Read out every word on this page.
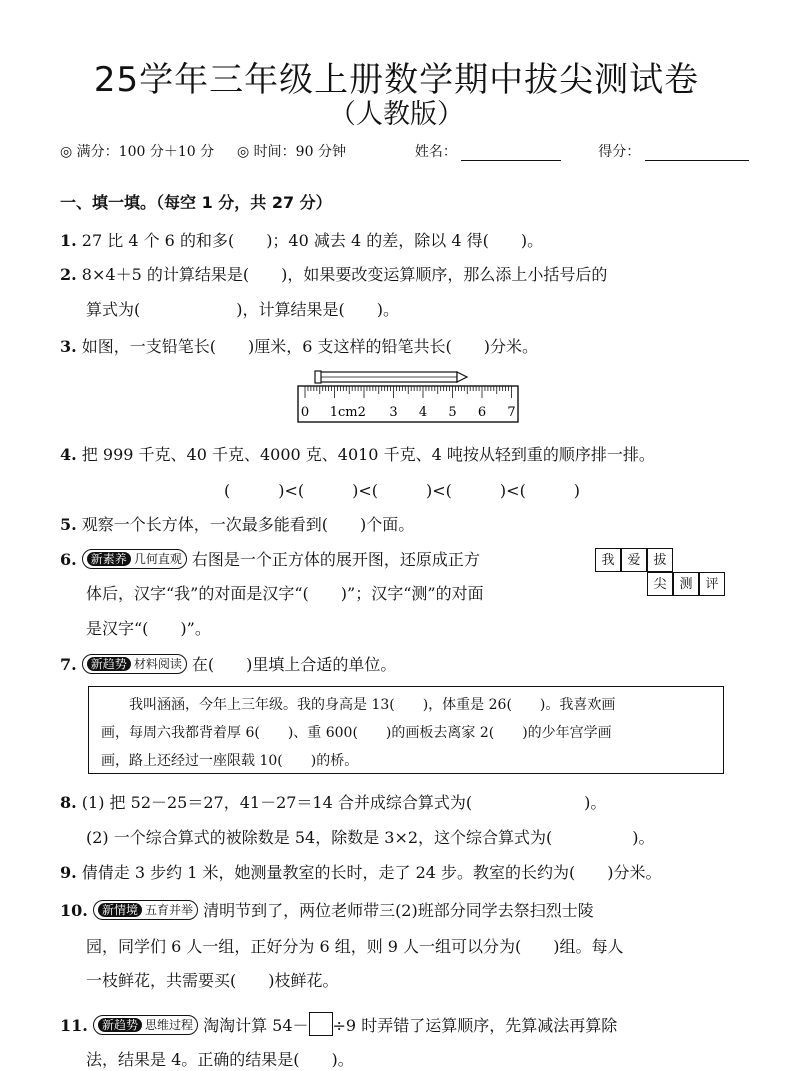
25学年三年级上册数学期中拔尖测试卷
（人教版）
◎ 满分：100 分＋10 分 ◎ 时间：90 分钟	姓名：	得分：
一、填一填。（每空 1 分，共 27 分）
1. 27 比 4 个 6 的和多(　　)；40 减去 4 的差，除以 4 得(　　)。
2. 8×4＋5 的计算结果是(　　)，如果要改变运算顺序，那么添上小括号后的
算式为(　　　　　　)，计算结果是(　　)。
3. 如图，一支铅笔长(　　)厘米，6 支这样的铅笔共长(　　)分米。
0 1cm2 3 4 5 6 7
4. 把 999 千克、40 千克、4000 克、4010 千克、4 吨按从轻到重的顺序排一排。
(　　　)<(　　　)<(　　　)<(　　　)<(　　　)
5. 观察一个长方体，一次最多能看到(　　)个面。
6. 新素养 几何直观 右图是一个正方体的展开图，还原成正方
体后，汉字“我”的对面是汉字“(　　)”；汉字“测”的对面
是汉字“(　　)”。
我 爱 拔
尖 测 评
7. 新趋势 材料阅读 在(　　)里填上合适的单位。

　　我叫涵涵，今年上三年级。我的身高是 13(　　)，体重是 26(　　)。我喜欢画

画，每周六我都背着厚 6(　　)、重 600(　　)的画板去离家 2(　　)的少年宫学画

画，路上还经过一座限载 10(　　)的桥。

8. (1) 把 52－25＝27，41－27＝14 合并成综合算式为(　　　　　　　)。
(2) 一个综合算式的被除数是 54，除数是 3×2，这个综合算式为(　　　　　)。
9. 倩倩走 3 步约 1 米，她测量教室的长时，走了 24 步。教室的长约为(　　)分米。
10. 新情境 五育并举 清明节到了，两位老师带三(2)班部分同学去祭扫烈士陵
园，同学们 6 人一组，正好分为 6 组，则 9 人一组可以分为(　　)组。每人
一枝鲜花，共需要买(　　)枝鲜花。
11. 新趋势 思维过程 淘淘计算 54－ ÷9 时弄错了运算顺序，先算减法再算除
法，结果是 4。正确的结果是(　　)。
